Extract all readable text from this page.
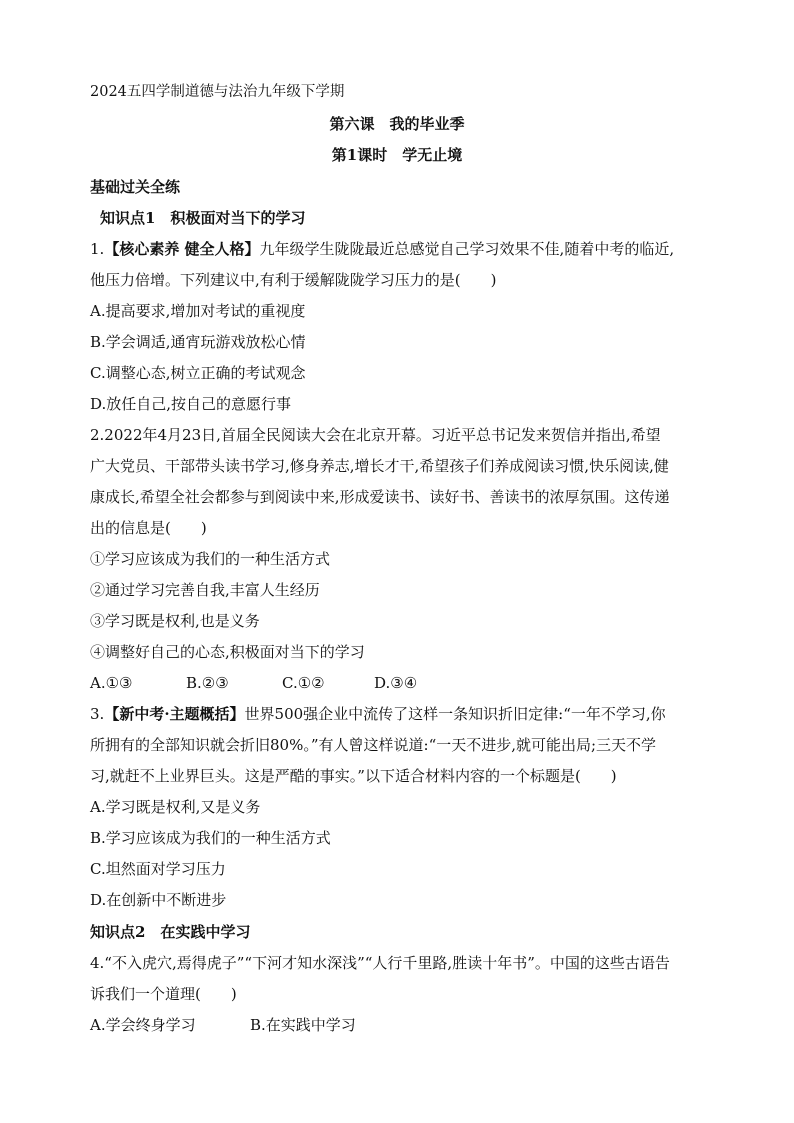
2024五四学制道德与法治九年级下学期
第六课　我的毕业季
第1课时　学无止境
基础过关全练
知识点1　积极面对当下的学习
1.【核心素养 健全人格】九年级学生陇陇最近总感觉自己学习效果不佳,随着中考的临近,
他压力倍增。下列建议中,有利于缓解陇陇学习压力的是(　　)
A.提高要求,增加对考试的重视度
B.学会调适,通宵玩游戏放松心情
C.调整心态,树立正确的考试观念
D.放任自己,按自己的意愿行事
2.2022年4月23日,首届全民阅读大会在北京开幕。习近平总书记发来贺信并指出,希望
广大党员、干部带头读书学习,修身养志,增长才干,希望孩子们养成阅读习惯,快乐阅读,健
康成长,希望全社会都参与到阅读中来,形成爱读书、读好书、善读书的浓厚氛围。这传递
出的信息是(　　)
①学习应该成为我们的一种生活方式
②通过学习完善自我,丰富人生经历
③学习既是权利,也是义务
④调整好自己的心态,积极面对当下的学习
A.①③	B.②③	C.①②	D.③④
3.【新中考·主题概括】世界500强企业中流传了这样一条知识折旧定律:“一年不学习,你
所拥有的全部知识就会折旧80%。”有人曾这样说道:“一天不进步,就可能出局;三天不学
习,就赶不上业界巨头。这是严酷的事实。”以下适合材料内容的一个标题是(　　)
A.学习既是权利,又是义务
B.学习应该成为我们的一种生活方式
C.坦然面对学习压力
D.在创新中不断进步
知识点2　在实践中学习
4.“不入虎穴,焉得虎子”“下河才知水深浅”“人行千里路,胜读十年书”。中国的这些古语告
诉我们一个道理(　　)
A.学会终身学习	B.在实践中学习
